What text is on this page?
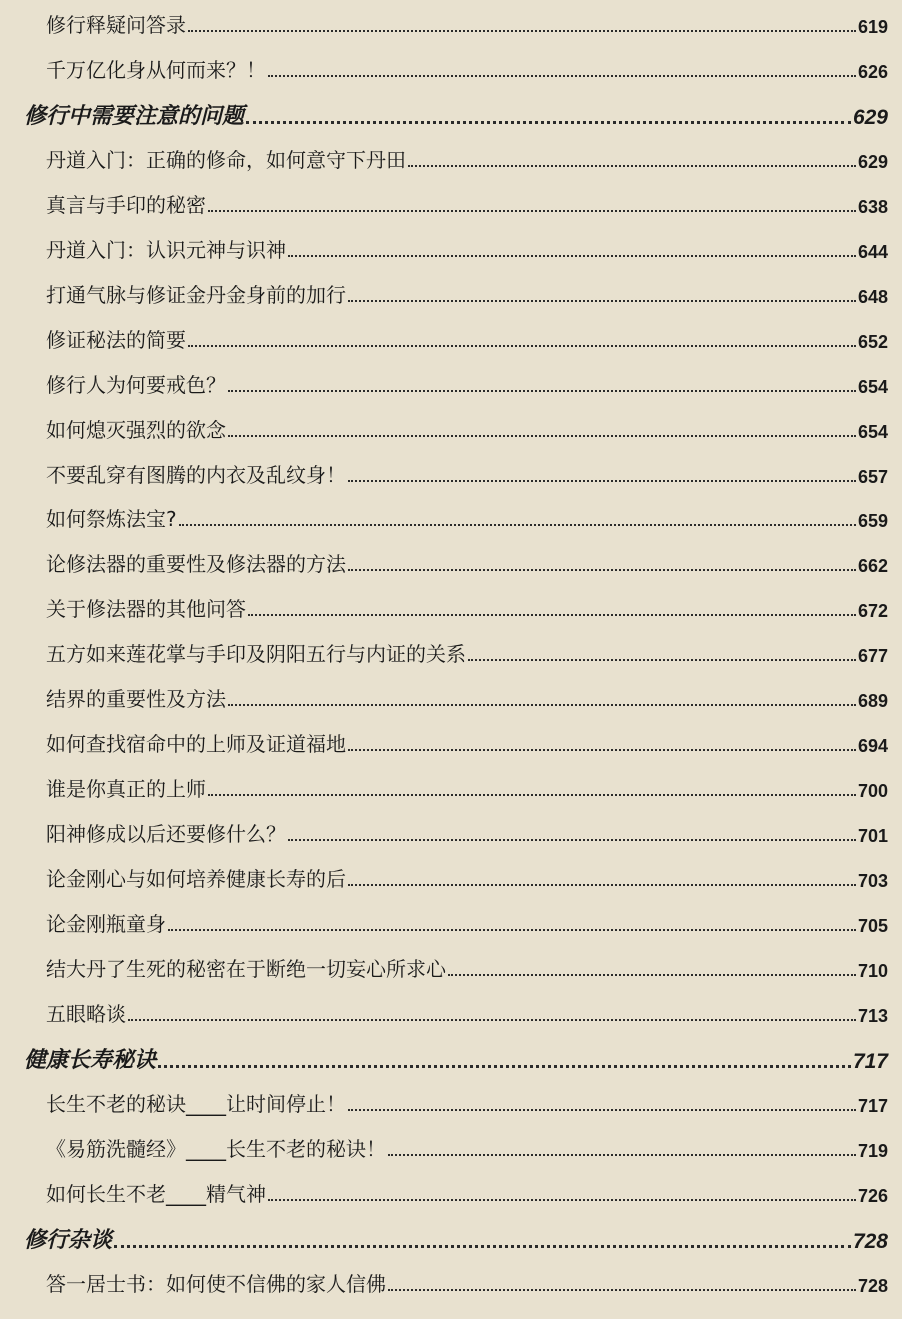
修行释疑问答录	619
千万亿化身从何而来？！	626
修行中需要注意的问题	629
丹道入门：正确的修命，如何意守下丹田	629
真言与手印的秘密	638
丹道入门：认识元神与识神	644
打通气脉与修证金丹金身前的加行	648
修证秘法的简要	652
修行人为何要戒色？	654
如何熄灭强烈的欲念	654
不要乱穿有图腾的内衣及乱纹身！	657
如何祭炼法宝?	659
论修法器的重要性及修法器的方法	662
关于修法器的其他问答	672
五方如来莲花掌与手印及阴阳五行与内证的关系	677
结界的重要性及方法	689
如何查找宿命中的上师及证道福地	694
谁是你真正的上师	700
阳神修成以后还要修什么？	701
论金刚心与如何培养健康长寿的后	703
论金刚瓶童身	705
结大丹了生死的秘密在于断绝一切妄心所求心	710
五眼略谈	713
健康长寿秘诀	717
长生不老的秘诀____让时间停止！	717
《易筋洗髓经》____长生不老的秘诀！	719
如何长生不老____精气神	726
修行杂谈	728
答一居士书：如何使不信佛的家人信佛	728
